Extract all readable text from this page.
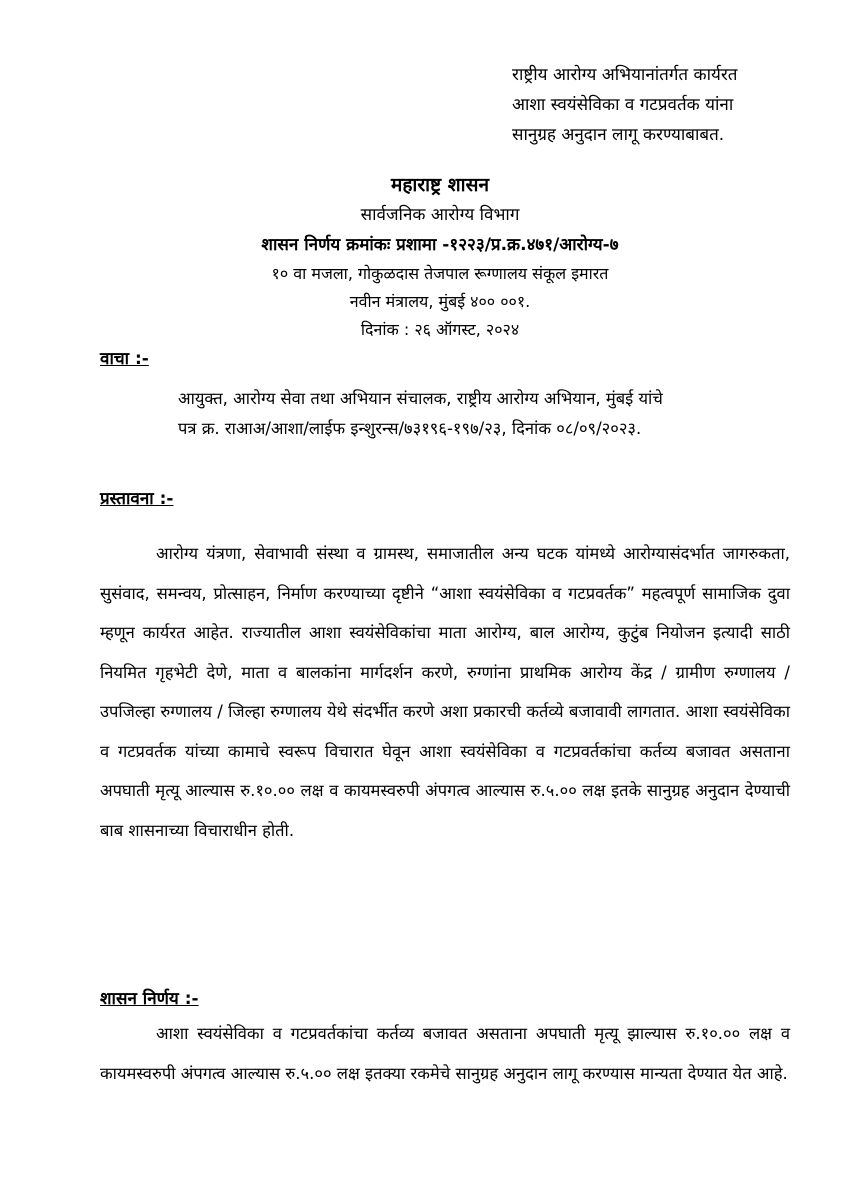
राष्ट्रीय आरोग्य अभियानांतर्गत कार्यरत
आशा स्वयंसेविका व गटप्रवर्तक यांना
सानुग्रह अनुदान लागू करण्याबाबत.
महाराष्ट्र शासन
सार्वजनिक आरोग्य विभाग
शासन निर्णय क्रमांकः प्रशामा -१२२३/प्र.क्र.४७१/आरोग्य-७
१० वा मजला, गोकुळदास तेजपाल रूग्णालय संकूल इमारत
नवीन मंत्रालय, मुंबई ४०० ००१.
दिनांक : २६ ऑगस्ट, २०२४
वाचा :-
आयुक्त, आरोग्य सेवा तथा अभियान संचालक, राष्ट्रीय आरोग्य अभियान, मुंबई यांचे
पत्र क्र. राआअ/आशा/लाईफ इन्शुरन्स/७३१९६-१९७/२३, दिनांक ०८/०९/२०२३.
प्रस्तावना :-
आरोग्य यंत्रणा, सेवाभावी संस्था व ग्रामस्थ, समाजातील अन्य घटक यांमध्ये आरोग्यासंदर्भात जागरुकता, सुसंवाद, समन्वय, प्रोत्साहन, निर्माण करण्याच्या दृष्टीने “आशा स्वयंसेविका व गटप्रवर्तक” महत्वपूर्ण सामाजिक दुवा म्हणून कार्यरत आहेत. राज्यातील आशा स्वयंसेविकांचा माता आरोग्य, बाल आरोग्य, कुटुंब नियोजन इत्यादी साठी नियमित गृहभेटी देणे, माता व बालकांना मार्गदर्शन करणे, रुग्णांना प्राथमिक आरोग्य केंद्र / ग्रामीण रुग्णालय / उपजिल्हा रुग्णालय / जिल्हा रुग्णालय येथे संदर्भीत करणे अशा प्रकारची कर्तव्ये बजावावी लागतात. आशा स्वयंसेविका व गटप्रवर्तक यांच्या कामाचे स्वरूप विचारात घेवून आशा स्वयंसेविका व गटप्रवर्तकांचा कर्तव्य बजावत असताना अपघाती मृत्यू आल्यास रु.१०.०० लक्ष व कायमस्वरुपी अंपगत्व आल्यास रु.५.०० लक्ष इतके सानुग्रह अनुदान देण्याची बाब शासनाच्या विचाराधीन होती.
शासन निर्णय :-
आशा स्वयंसेविका व गटप्रवर्तकांचा कर्तव्य बजावत असताना अपघाती मृत्यू झाल्यास रु.१०.०० लक्ष व कायमस्वरुपी अंपगत्व आल्यास रु.५.०० लक्ष इतक्या रकमेचे सानुग्रह अनुदान लागू करण्यास मान्यता देण्यात येत आहे.
